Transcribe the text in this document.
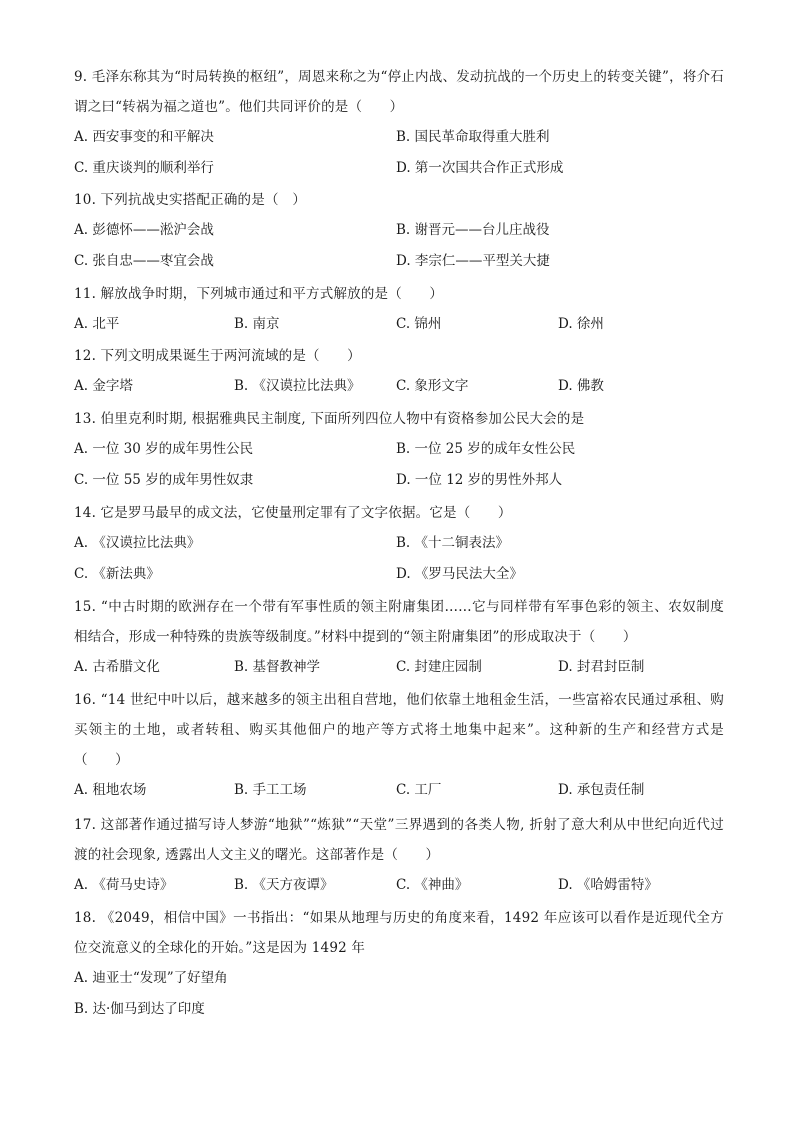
9. 毛泽东称其为“时局转换的枢纽”，周恩来称之为“停止内战、发动抗战的一个历史上的转变关键”，将介石谓之曰“转祸为福之道也”。他们共同评价的是（　　）
A. 西安事变的和平解决	B. 国民革命取得重大胜利
C. 重庆谈判的顺利举行	D. 第一次国共合作正式形成
10. 下列抗战史实搭配正确的是（　）
A. 彭德怀——淞沪会战	B. 谢晋元——台儿庄战役
C. 张自忠——枣宜会战	D. 李宗仁——平型关大捷
11. 解放战争时期，下列城市通过和平方式解放的是（　　）
A. 北平	B. 南京	C. 锦州	D. 徐州
12. 下列文明成果诞生于两河流域的是（　　）
A. 金字塔	B. 《汉谟拉比法典》	C. 象形文字	D. 佛教
13. 伯里克利时期, 根据雅典民主制度, 下面所列四位人物中有资格参加公民大会的是
A. 一位 30 岁的成年男性公民	B. 一位 25 岁的成年女性公民
C. 一位 55 岁的成年男性奴隶	D. 一位 12 岁的男性外邦人
14. 它是罗马最早的成文法，它使量刑定罪有了文字依据。它是（　　）
A. 《汉谟拉比法典》	B. 《十二铜表法》
C. 《新法典》	D. 《罗马民法大全》
15. “中古时期的欧洲存在一个带有军事性质的领主附庸集团……它与同样带有军事色彩的领主、农奴制度相结合，形成一种特殊的贵族等级制度。”材料中提到的“领主附庸集团”的形成取决于（　　）
A. 古希腊文化	B. 基督教神学	C. 封建庄园制	D. 封君封臣制
16. “14 世纪中叶以后，越来越多的领主出租自营地，他们依靠土地租金生活，一些富裕农民通过承租、购买领主的土地，或者转租、购买其他佃户的地产等方式将土地集中起来”。这种新的生产和经营方式是（　　）
A. 租地农场	B. 手工工场	C. 工厂	D. 承包责任制
17. 这部著作通过描写诗人梦游“地狱”“炼狱”“天堂”三界遇到的各类人物, 折射了意大利从中世纪向近代过渡的社会现象, 透露出人文主义的曙光。这部著作是（　　）
A. 《荷马史诗》	B. 《天方夜谭》	C. 《神曲》	D. 《哈姆雷特》
18. 《2049，相信中国》一书指出：“如果从地理与历史的角度来看，1492 年应该可以看作是近现代全方位交流意义的全球化的开始。”这是因为 1492 年
A. 迪亚士“发现”了好望角
B. 达·伽马到达了印度
